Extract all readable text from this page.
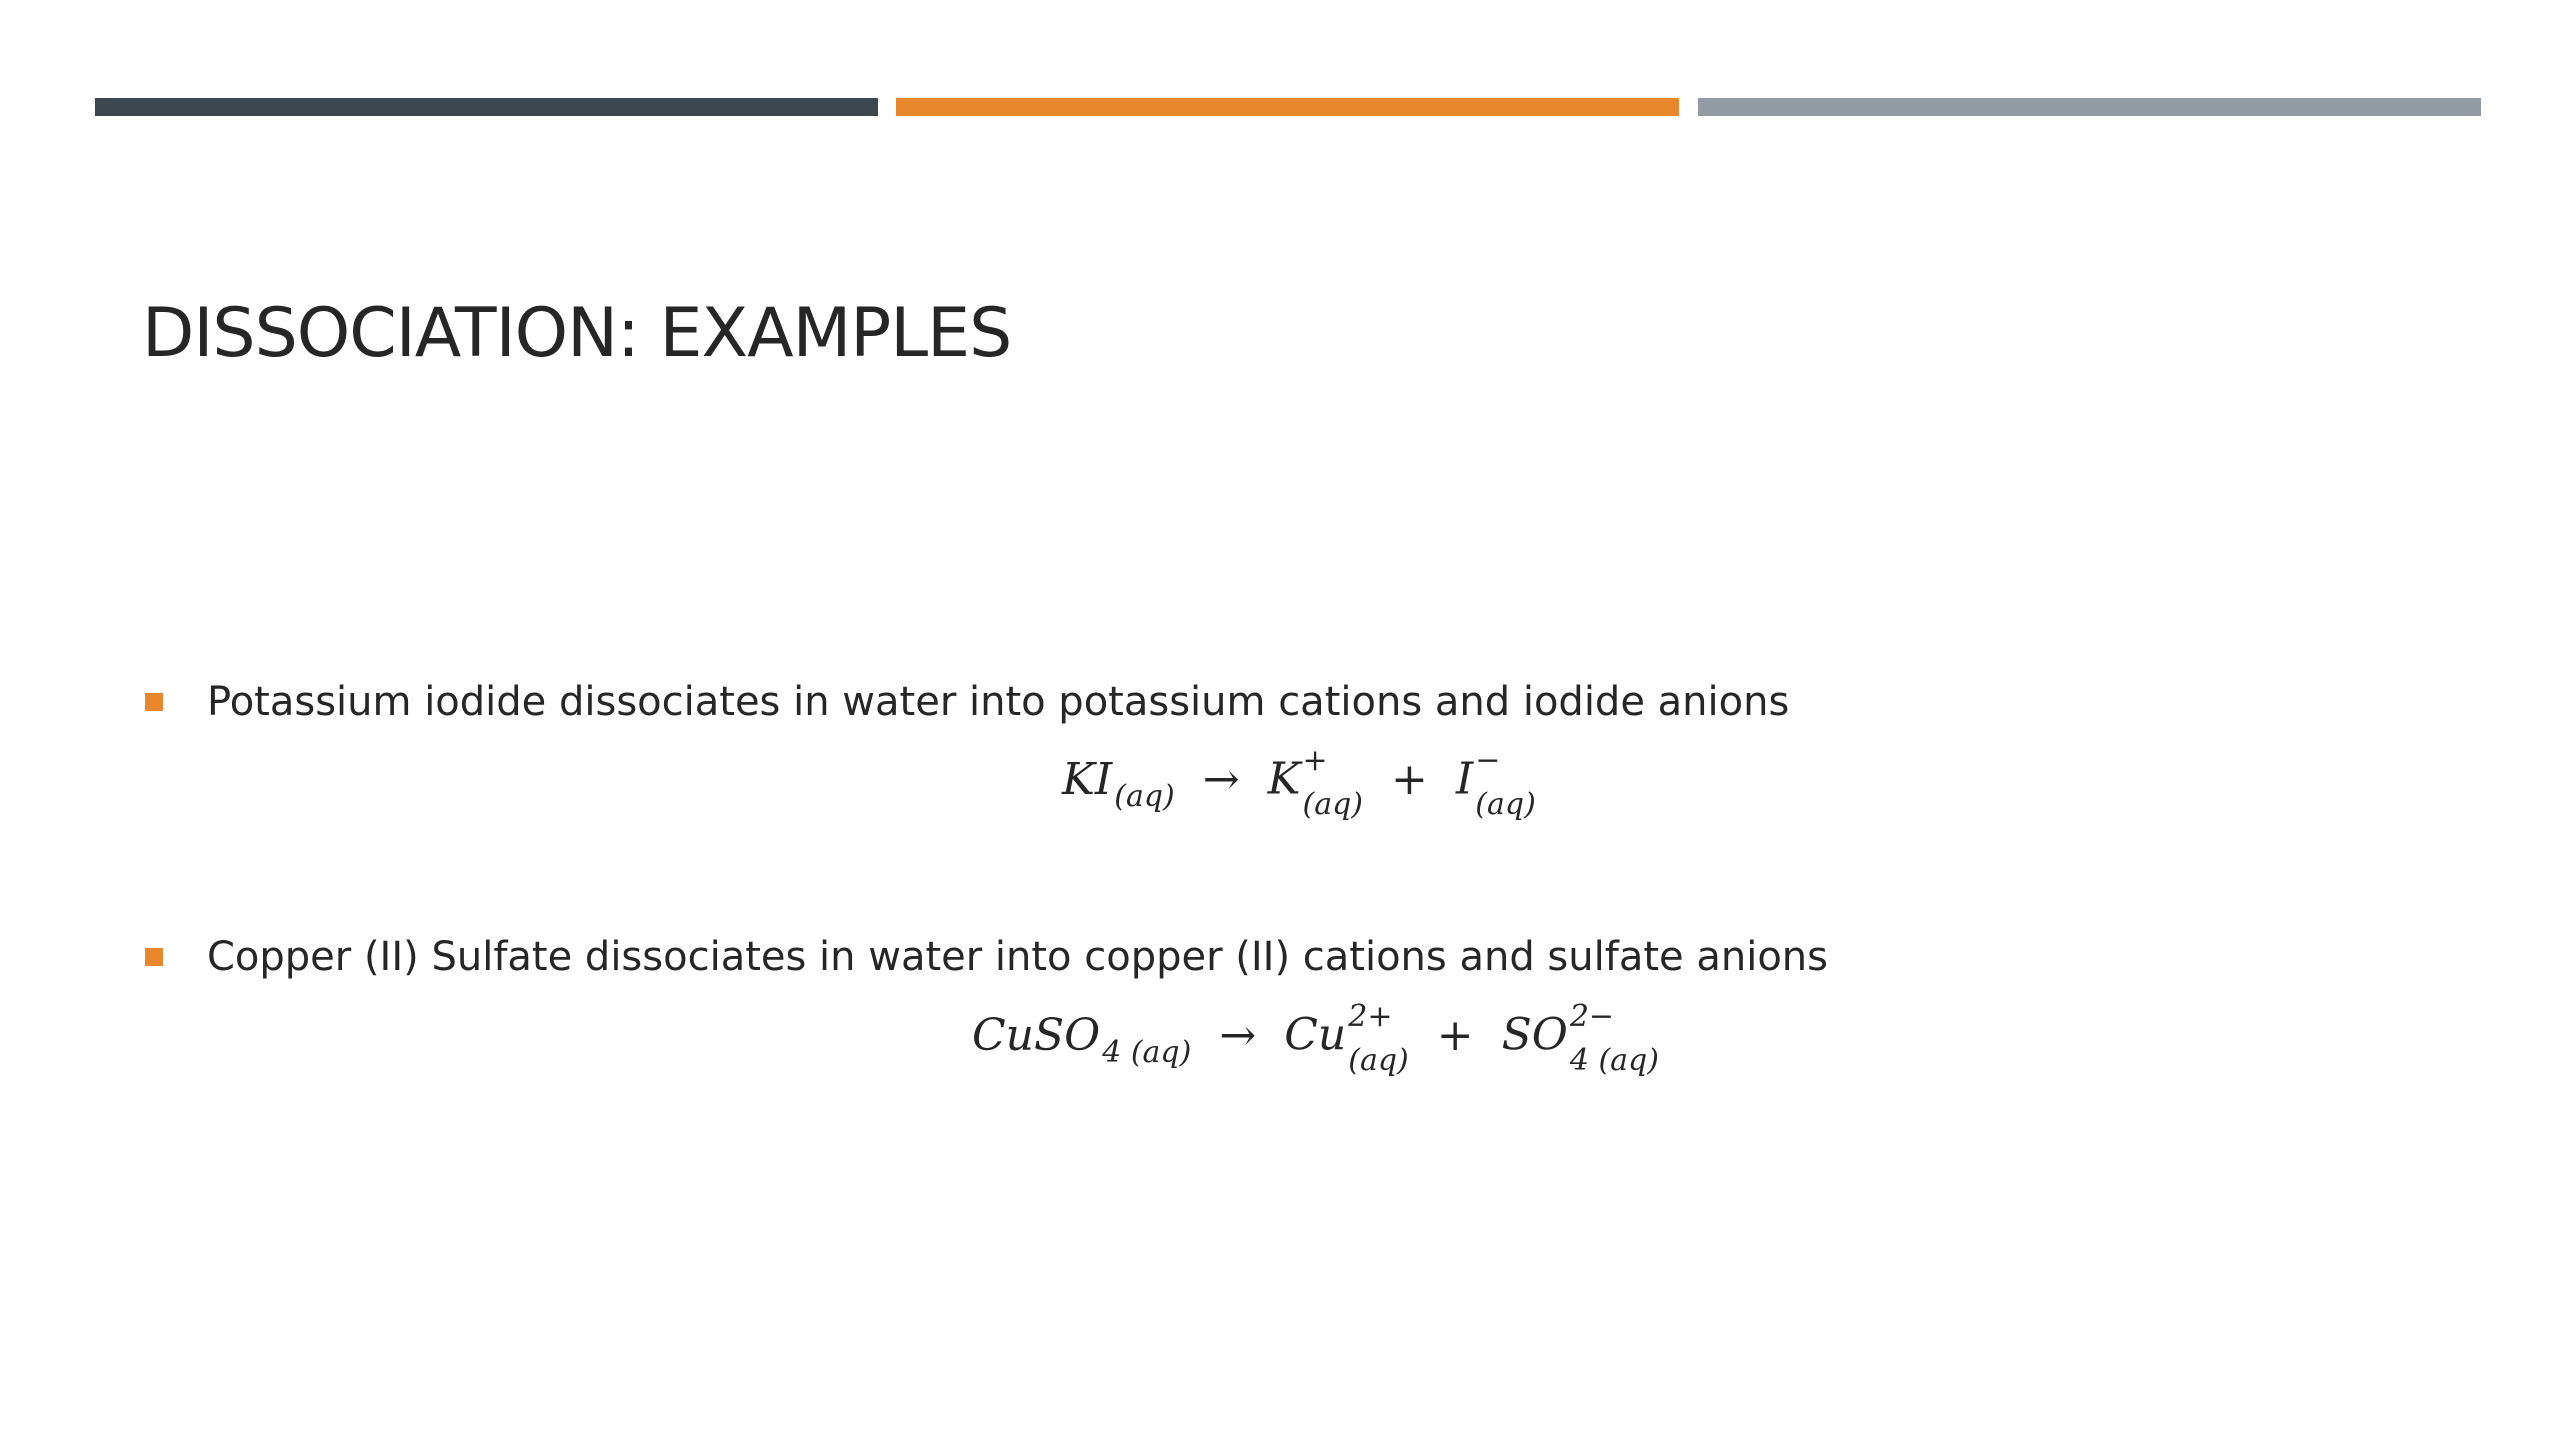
DISSOCIATION: EXAMPLES
Potassium iodide dissociates in water into potassium cations and iodide anions
$KI_{(aq)} \to K$ +
(aq) + I −
(aq)
Copper (II) Sulfate dissociates in water into copper (II) cations and sulfate anions
CuSO$_{4 (aq)}$ → Cu 2+
(aq) + SO 2−
4 (aq)
